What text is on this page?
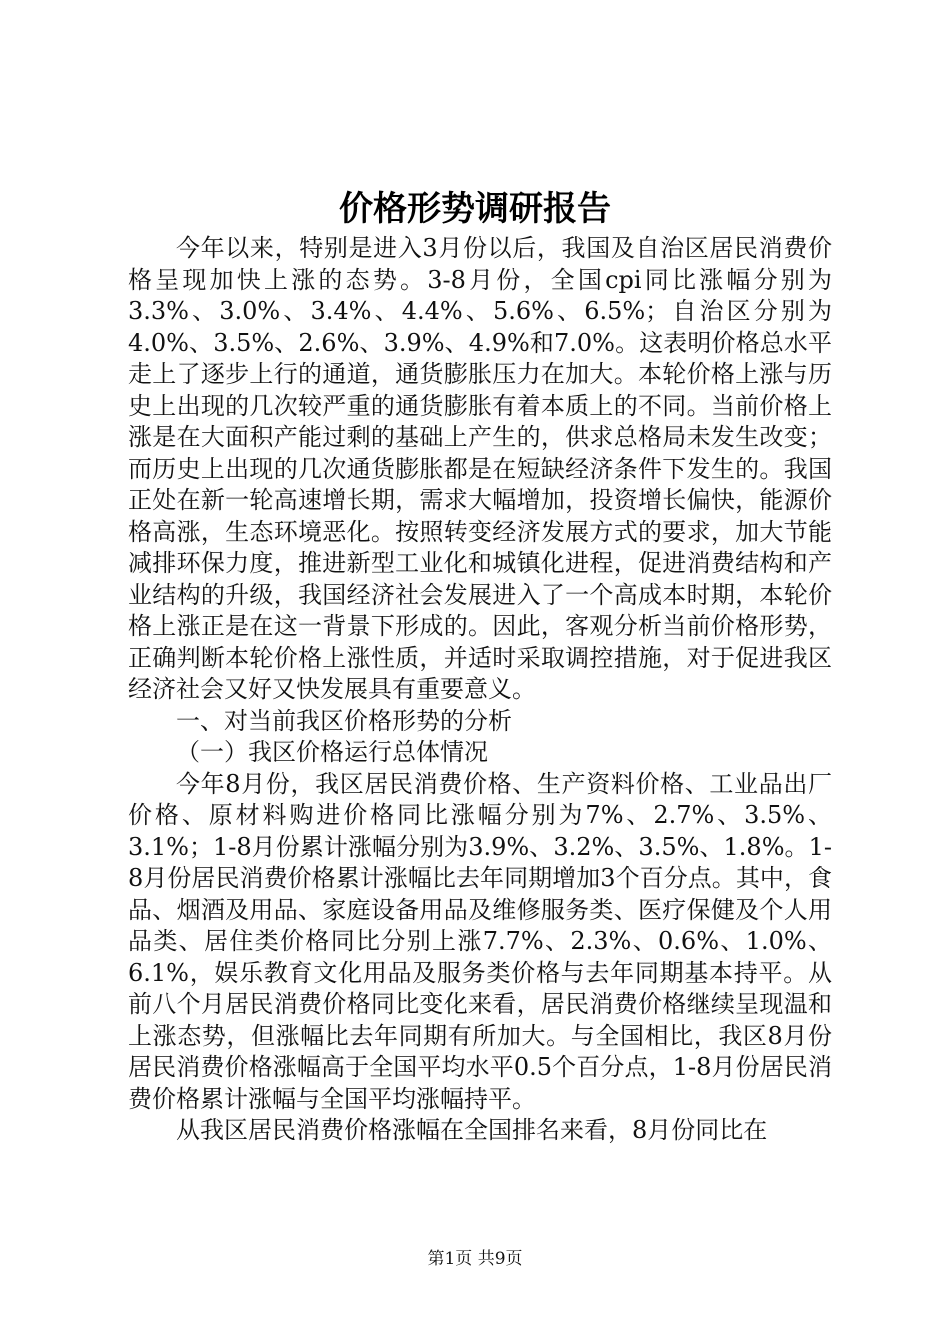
价格形势调研报告

今年以来，特别是进入3月份以后，我国及自治区居民消费价格呈现加快上涨的态势。3-8月份，全国cpi同比涨幅分别为3.3%、3.0%、3.4%、4.4%、5.6%、6.5%；自治区分别为4.0%、3.5%、2.6%、3.9%、4.9%和7.0%。这表明价格总水平走上了逐步上行的通道，通货膨胀压力在加大。本轮价格上涨与历史上出现的几次较严重的通货膨胀有着本质上的不同。当前价格上涨是在大面积产能过剩的基础上产生的，供求总格局未发生改变；而历史上出现的几次通货膨胀都是在短缺经济条件下发生的。我国正处在新一轮高速增长期，需求大幅增加，投资增长偏快，能源价格高涨，生态环境恶化。按照转变经济发展方式的要求，加大节能减排环保力度，推进新型工业化和城镇化进程，促进消费结构和产业结构的升级，我国经济社会发展进入了一个高成本时期，本轮价格上涨正是在这一背景下形成的。因此，客观分析当前价格形势，正确判断本轮价格上涨性质，并适时采取调控措施，对于促进我区经济社会又好又快发展具有重要意义。

一、对当前我区价格形势的分析

（一）我区价格运行总体情况

今年8月份，我区居民消费价格、生产资料价格、工业品出厂价格、原材料购进价格同比涨幅分别为7%、2.7%、3.5%、3.1%；1-8月份累计涨幅分别为3.9%、3.2%、3.5%、1.8%。1-8月份居民消费价格累计涨幅比去年同期增加3个百分点。其中，食品、烟酒及用品、家庭设备用品及维修服务类、医疗保健及个人用品类、居住类价格同比分别上涨7.7%、2.3%、0.6%、1.0%、6.1%，娱乐教育文化用品及服务类价格与去年同期基本持平。从前八个月居民消费价格同比变化来看，居民消费价格继续呈现温和上涨态势，但涨幅比去年同期有所加大。与全国相比，我区8月份居民消费价格涨幅高于全国平均水平0.5个百分点，1-8月份居民消费价格累计涨幅与全国平均涨幅持平。

从我区居民消费价格涨幅在全国排名来看，8月份同比在

第1页 共9页
